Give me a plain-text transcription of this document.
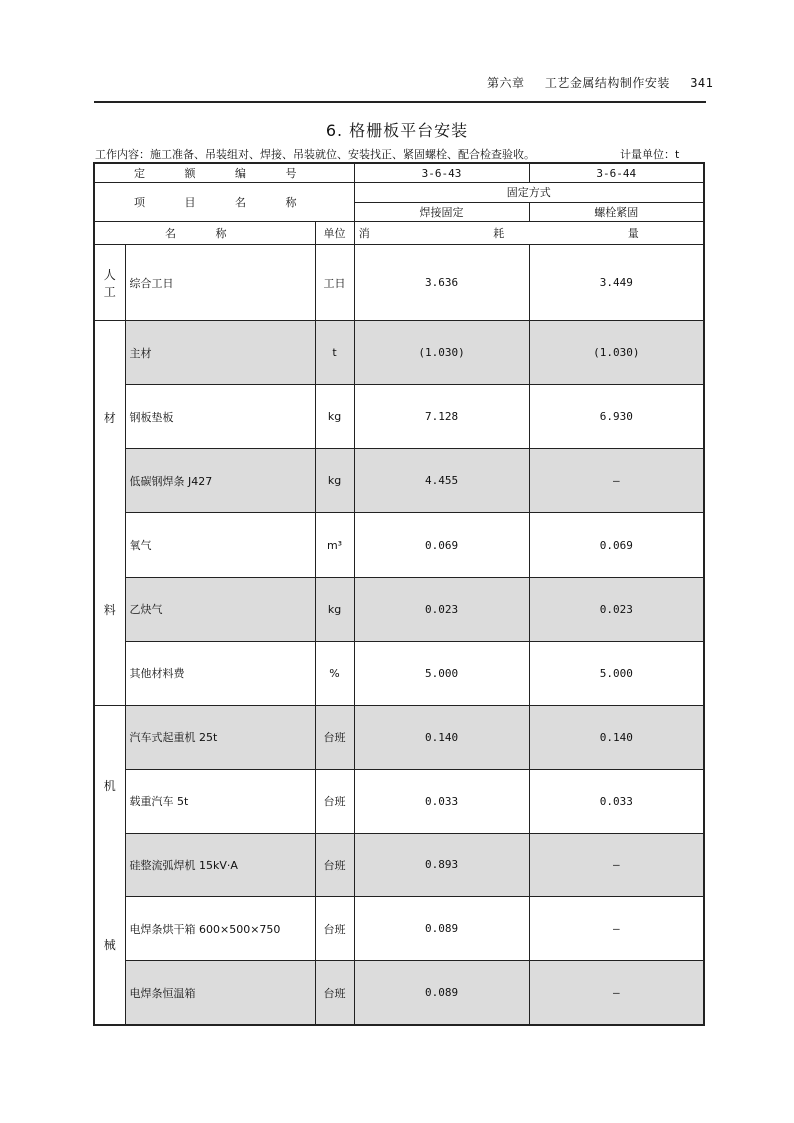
第六章 工艺金属结构制作安装 341
6. 格栅板平台安装
工作内容：施工准备、吊装组对、焊接、吊装就位、安装找正、紧固螺栓、配合检查验收。	计量单位：t
定 额 编 号			3-6-43	3-6-44
项 目 名 称			固定方式	
			焊接固定	螺栓紧固
名 称		单位	消 耗 量	

人
工	综合工日	工日	3.636	3.449

材
料	主材	t	(1.030)	(1.030)
	钢板垫板	kg	7.128	6.930
	低碳钢焊条 J427	kg	4.455	—
	氧气	m³	0.069	0.069
	乙炔气	kg	0.023	0.023
	其他材料费	%	5.000	5.000

机
械	汽车式起重机 25t	台班	0.140	0.140
	载重汽车 5t	台班	0.033	0.033
	硅整流弧焊机 15kV·A	台班	0.893	—
	电焊条烘干箱 600×500×750	台班	0.089	—
	电焊条恒温箱	台班	0.089	—
